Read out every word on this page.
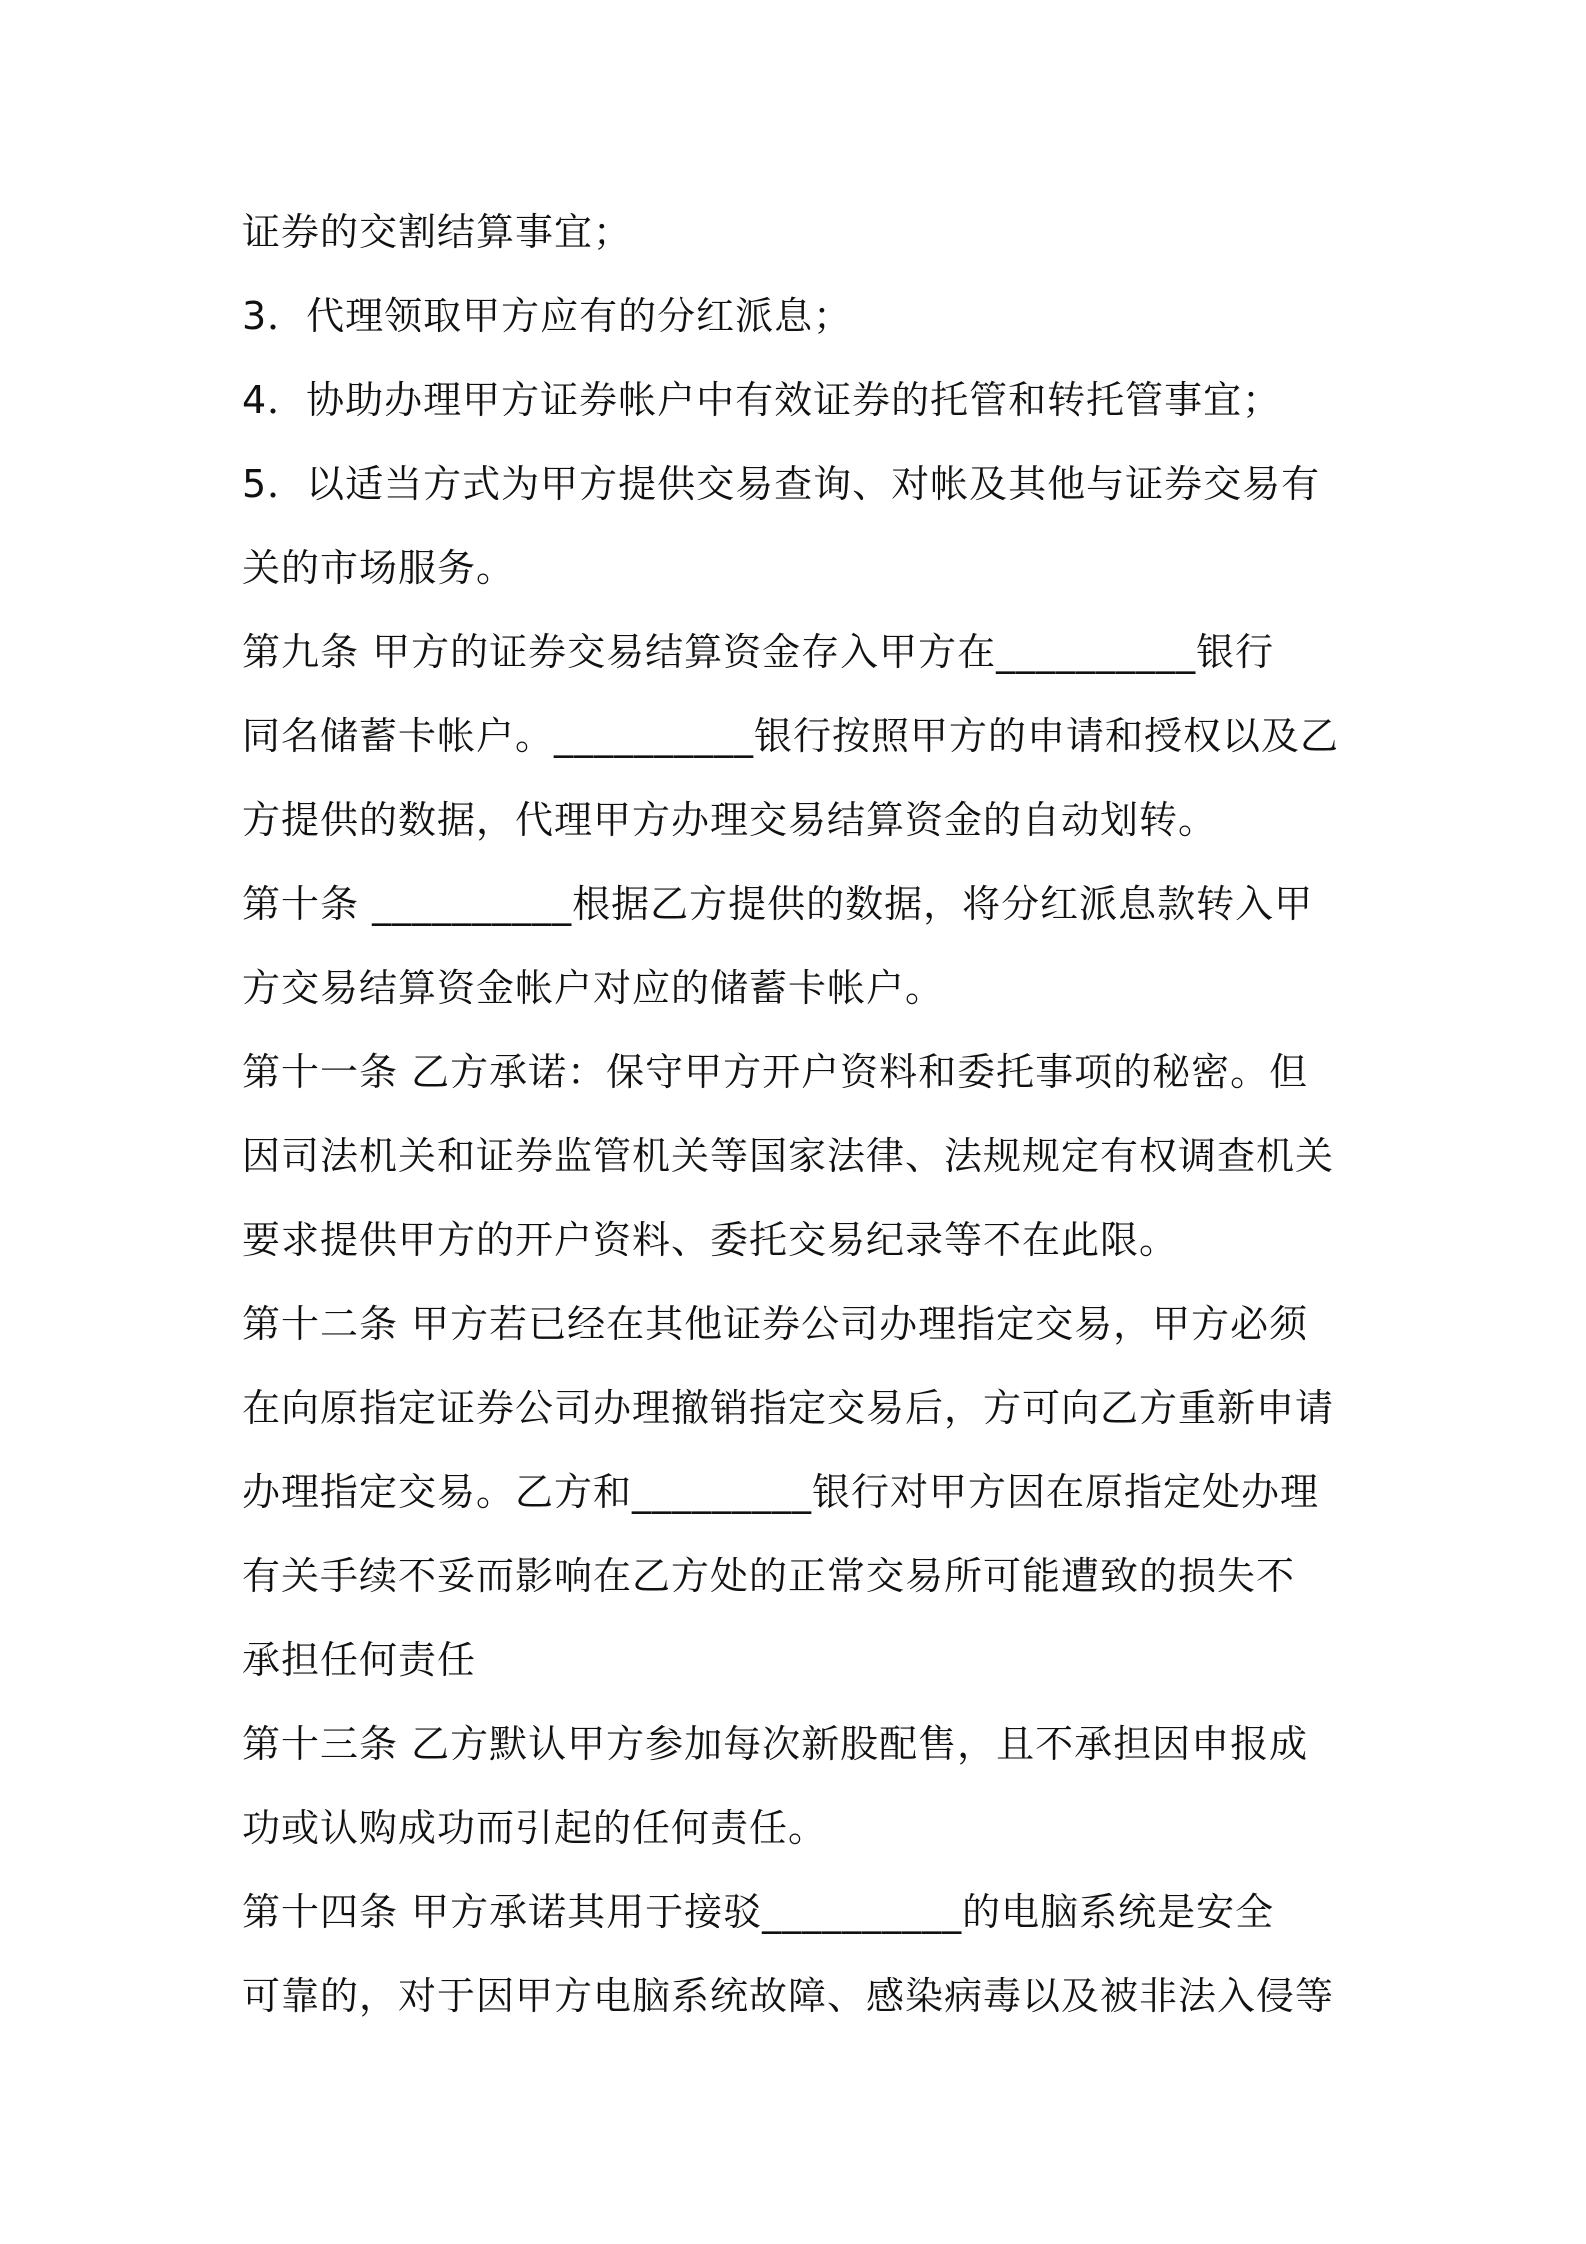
证券的交割结算事宜；
3．代理领取甲方应有的分红派息；
4．协助办理甲方证券帐户中有效证券的托管和转托管事宜；
5．以适当方式为甲方提供交易查询、对帐及其他与证券交易有
关的市场服务。
第九条 甲方的证券交易结算资金存入甲方在__________银行
同名储蓄卡帐户。__________银行按照甲方的申请和授权以及乙
方提供的数据，代理甲方办理交易结算资金的自动划转。
第十条 __________根据乙方提供的数据，将分红派息款转入甲
方交易结算资金帐户对应的储蓄卡帐户。
第十一条 乙方承诺：保守甲方开户资料和委托事项的秘密。但
因司法机关和证券监管机关等国家法律、法规规定有权调查机关
要求提供甲方的开户资料、委托交易纪录等不在此限。
第十二条 甲方若已经在其他证券公司办理指定交易，甲方必须
在向原指定证券公司办理撤销指定交易后，方可向乙方重新申请
办理指定交易。乙方和_________银行对甲方因在原指定处办理
有关手续不妥而影响在乙方处的正常交易所可能遭致的损失不
承担任何责任
第十三条 乙方默认甲方参加每次新股配售，且不承担因申报成
功或认购成功而引起的任何责任。
第十四条 甲方承诺其用于接驳__________的电脑系统是安全
可靠的，对于因甲方电脑系统故障、感染病毒以及被非法入侵等
